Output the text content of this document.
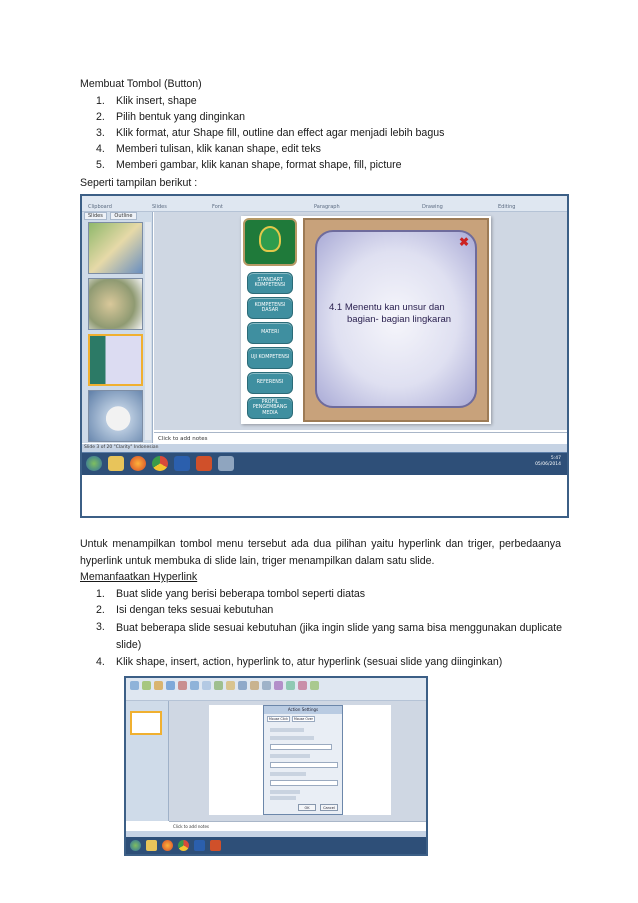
Membuat Tombol (Button)
1. Klik insert, shape
2. Pilih bentuk yang dinginkan
3. Klik format, atur Shape fill, outline dan effect agar menjadi lebih bagus
4. Memberi tulisan, klik kanan shape, edit teks
5. Memberi gambar, klik kanan shape, format shape, fill, picture
Seperti tampilan berikut :
Clipboard	Slides	Font	Paragraph	Drawing	Editing
Slides Outline
STANDART KOMPETENSI
KOMPETENSI DASAR
MATERI
UJI KOMPETENSI
REFERENSI
PROFIL PENGEMBANG MEDIA
✖
4.1 Menentu kan unsur dan
bagian- bagian lingkaran
Click to add notes
Slide 3 of 20 "Clarity" Indonesian
5:47
05/06/2014
Untuk menampilkan tombol menu tersebut ada dua pilihan yaitu hyperlink dan triger, perbedaanya hyperlink untuk membuka di slide lain, triger menampilkan dalam satu slide.
Memanfaatkan Hyperlink
1. Buat slide yang berisi beberapa tombol seperti diatas
2. Isi dengan teks sesuai kebutuhan
3. Buat beberapa slide sesuai kebutuhan (jika ingin slide yang sama bisa menggunakan duplicate slide)
4. Klik shape, insert, action, hyperlink to, atur hyperlink (sesuai slide yang diinginkan)
Action Settings
Mouse Click Mouse Over
OK	Cancel
Click to add notes
